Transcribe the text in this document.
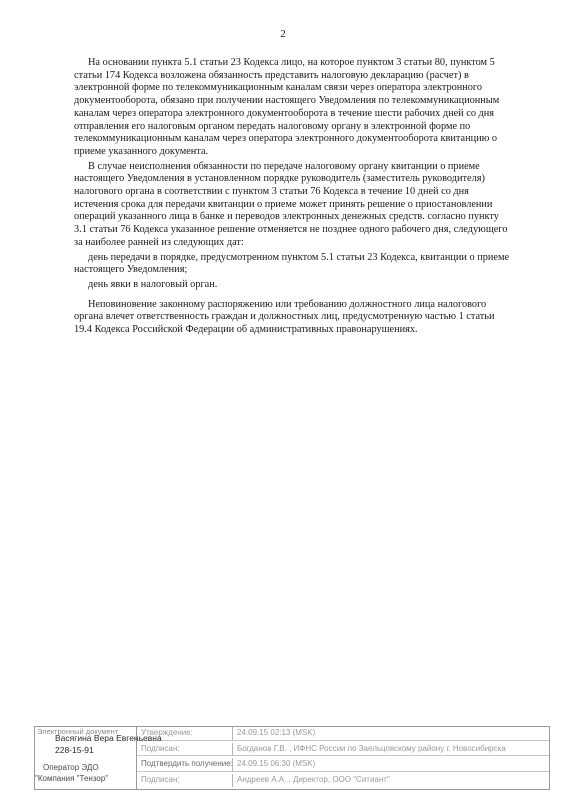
2

На основании пункта 5.1 статьи 23 Кодекса лицо, на которое пунктом 3 статьи 80, пунктом 5 статьи 174 Кодекса возложена обязанность представить налоговую декларацию (расчет) в электронной форме по телекоммуникационным каналам связи через оператора электронного документооборота, обязано при получении настоящего Уведомления по телекоммуникационным каналам через оператора электронного документооборота в течение шести рабочих дней со дня отправления его налоговым органом передать налоговому органу в электронной форме по телекоммуникационным каналам через оператора электронного документооборота квитанцию о приеме указанного документа.

В случае неисполнения обязанности по передаче налоговому органу квитанции о приеме настоящего Уведомления в установленном порядке руководитель (заместитель руководителя) налогового органа в соответствии с пунктом 3 статьи 76 Кодекса в течение 10 дней со дня истечения срока для передачи квитанции о приеме может принять решение о приостановлении операций указанного лица в банке и переводов электронных денежных средств. согласно пункту 3.1 статьи 76 Кодекса указанное решение отменяется не позднее одного рабочего дня, следующего за наиболее ранней из следующих дат:

день передачи в порядке, предусмотренном пунктом 5.1 статьи 23 Кодекса, квитанции о приеме настоящего Уведомления;

день явки в налоговый орган.

Неповиновение законному распоряжению или требованию должностного лица налогового органа влечет ответственность граждан и должностных лиц, предусмотренную частью 1 статьи 19.4 Кодекса Российской Федерации об административных правонарушениях.

Электронный документ
Васягина Вера Евгеньевна
228-15-91
Оператор ЭДО
"Компания "Тензор"
Утверждение:	24.09.15 02:13 (MSK)
Подписан:	Богданов Г.В. , ИФНС России по Заельцовскому району г. Новосибирска
Подтвердить получение: 24.09.15 06:30 (MSK)
Подписан:	Андреев А.А. , Директор, ООО "Ситиант"
